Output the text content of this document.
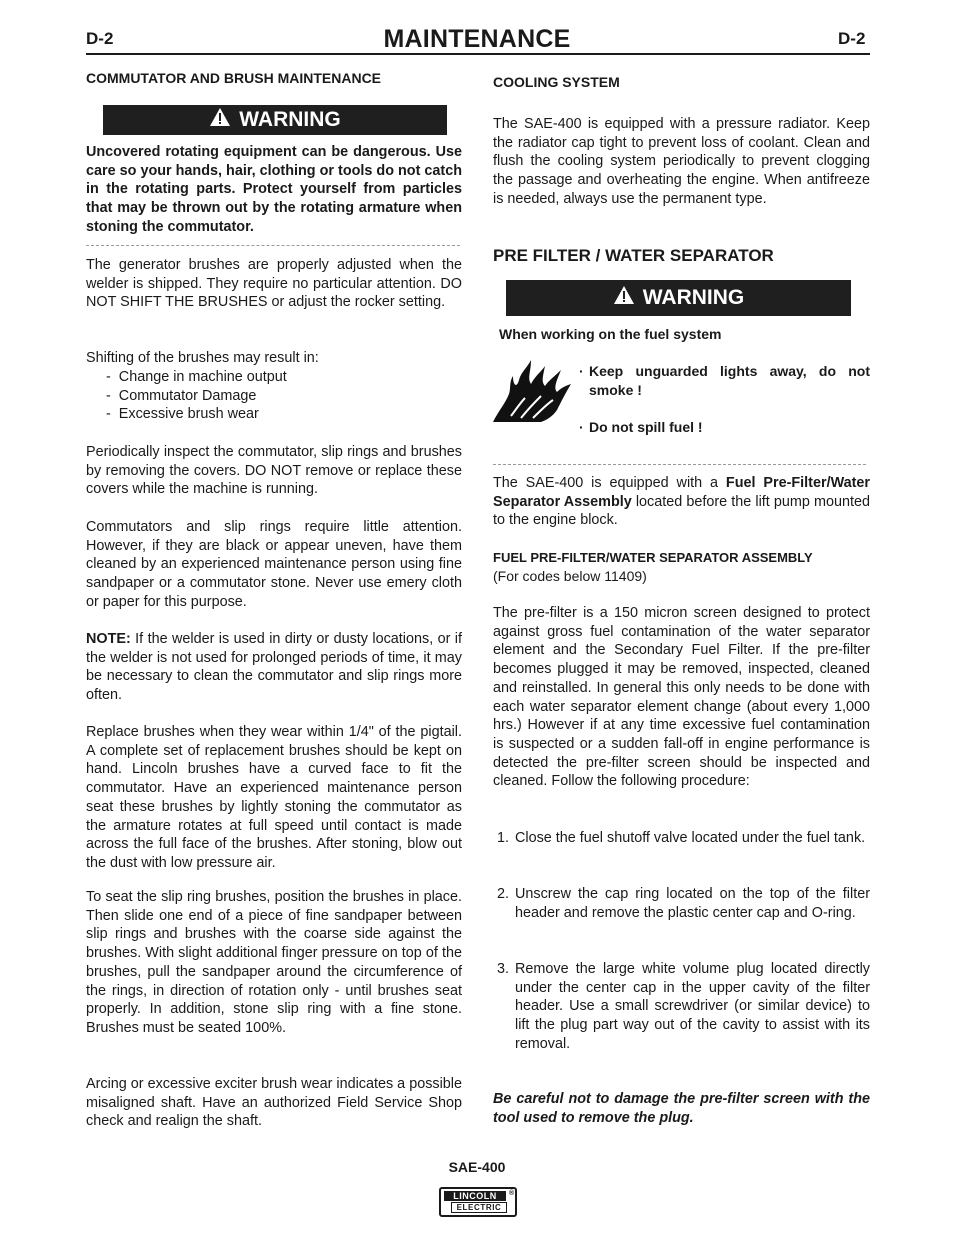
D-2	MAINTENANCE	D-2
COMMUTATOR AND BRUSH MAINTENANCE
WARNING
Uncovered rotating equipment can be dangerous. Use care so your hands, hair, clothing or tools do not catch in the rotating parts. Protect yourself from particles that may be thrown out by the rotating armature when stoning the commutator.
The generator brushes are properly adjusted when the welder is shipped. They require no particular attention. DO NOT SHIFT THE BRUSHES or adjust the rocker setting.
Shifting of the brushes may result in:
-  Change in machine output
-  Commutator Damage
-  Excessive brush wear
Periodically inspect the commutator, slip rings and brushes by removing the covers. DO NOT remove or replace these covers while the machine is running.
Commutators and slip rings require little attention. However, if they are black or appear uneven, have them cleaned by an experienced maintenance person using fine sandpaper or a commutator stone. Never use emery cloth or paper for this purpose.
NOTE: If the welder is used in dirty or dusty locations, or if the welder is not used for prolonged periods of time, it may be necessary to clean the commutator and slip rings more often.
Replace brushes when they wear within 1/4" of the pigtail. A complete set of replacement brushes should be kept on hand. Lincoln brushes have a curved face to fit the commutator. Have an experienced maintenance person seat these brushes by lightly stoning the commutator as the armature rotates at full speed until contact is made across the full face of the brushes. After stoning, blow out the dust with low pressure air.
To seat the slip ring brushes, position the brushes in place. Then slide one end of a piece of fine sandpaper between slip rings and brushes with the coarse side against the brushes. With slight additional finger pressure on top of the brushes, pull the sandpaper around the circumference of the rings, in direction of rotation only - until brushes seat properly. In addition, stone slip ring with a fine stone. Brushes must be seated 100%.
Arcing or excessive exciter brush wear indicates a possible misaligned shaft. Have an authorized Field Service Shop check and realign the shaft.
COOLING SYSTEM
The SAE-400 is equipped with a pressure radiator. Keep the radiator cap tight to prevent loss of coolant. Clean and flush the cooling system periodically to prevent clogging the passage and overheating the engine. When antifreeze is needed, always use the permanent type.
PRE FILTER / WATER SEPARATOR
WARNING
When working on the fuel system
· Keep unguarded lights away, do not smoke !
· Do not spill fuel !
The SAE-400 is equipped with a Fuel Pre-Filter/Water Separator Assembly located before the lift pump mounted to the engine block.
FUEL PRE-FILTER/WATER SEPARATOR ASSEMBLY
(For codes below 11409)
The pre-filter is a 150 micron screen designed to protect against gross fuel contamination of the water separator element and the Secondary Fuel Filter. If the pre-filter becomes plugged it may be removed, inspected, cleaned and reinstalled. In general this only needs to be done with each water separator element change (about every 1,000 hrs.) However if at any time excessive fuel contamination is suspected or a sudden fall-off in engine performance is detected the pre-filter screen should be inspected and cleaned. Follow the following procedure:
1. Close the fuel shutoff valve located under the fuel tank.
2. Unscrew the cap ring located on the top of the filter header and remove the plastic center cap and O-ring.
3. Remove the large white volume plug located directly under the center cap in the upper cavity of the filter header. Use a small screwdriver (or similar device) to lift the plug part way out of the cavity to assist with its removal.
Be careful not to damage the pre-filter screen with the tool used to remove the plug.
SAE-400
LINCOLN	®
ELECTRIC
